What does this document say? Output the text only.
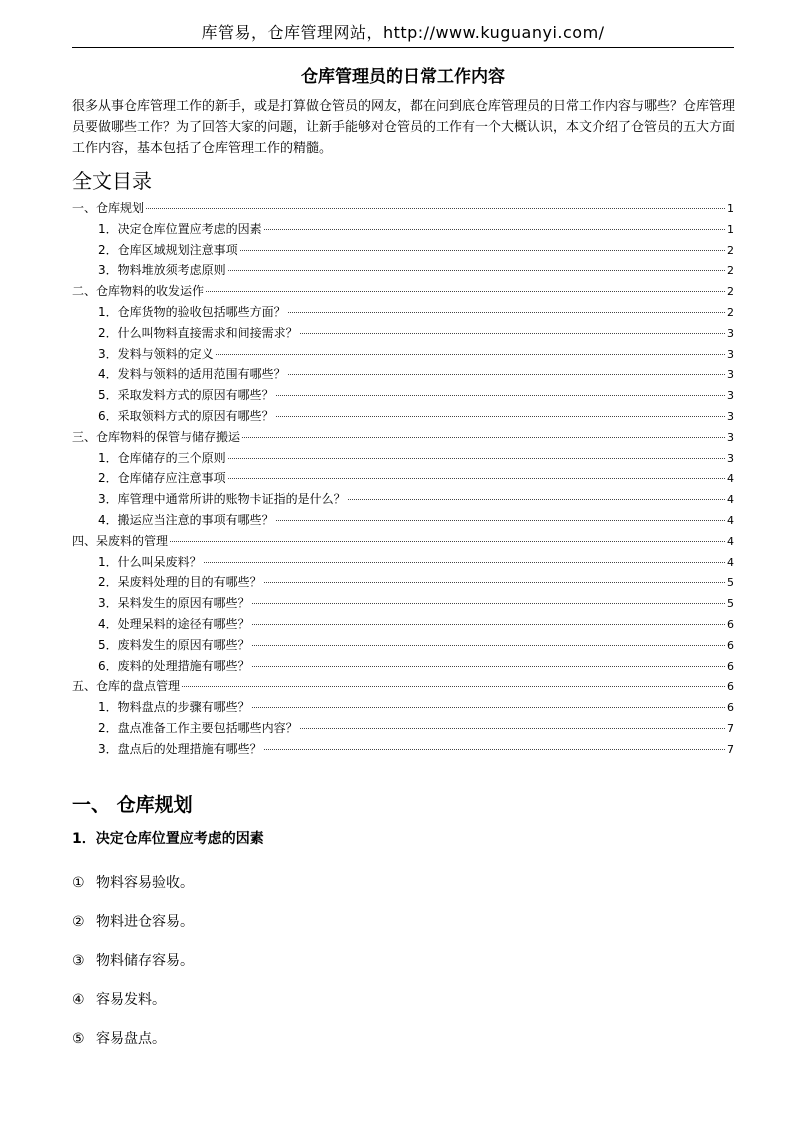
库管易，仓库管理网站，http://www.kuguanyi.com/
仓库管理员的日常工作内容
很多从事仓库管理工作的新手，或是打算做仓管员的网友，都在问到底仓库管理员的日常工作内容与哪些？仓库管理员要做哪些工作？为了回答大家的问题，让新手能够对仓管员的工作有一个大概认识，本文介绍了仓管员的五大方面工作内容，基本包括了仓库管理工作的精髓。
全文目录
一、仓库规划	1
1．决定仓库位置应考虑的因素	1
2．仓库区域规划注意事项	2
3．物料堆放须考虑原则	2
二、仓库物料的收发运作	2
1．仓库货物的验收包括哪些方面？	2
2．什么叫物料直接需求和间接需求？	3
3．发料与领料的定义	3
4．发料与领料的适用范围有哪些？	3
5．采取发料方式的原因有哪些？	3
6．采取领料方式的原因有哪些？	3
三、仓库物料的保管与储存搬运	3
1．仓库储存的三个原则	3
2．仓库储存应注意事项	4
3．库管理中通常所讲的账物卡证指的是什么？	4
4．搬运应当注意的事项有哪些？	4
四、呆废料的管理	4
1．什么叫呆废料？	4
2．呆废料处理的目的有哪些？	5
3．呆料发生的原因有哪些？	5
4．处理呆料的途径有哪些？	6
5．废料发生的原因有哪些？	6
6．废料的处理措施有哪些？	6
五、仓库的盘点管理	6
1．物料盘点的步骤有哪些？	6
2．盘点准备工作主要包括哪些内容？	7
3．盘点后的处理措施有哪些？	7
一、 仓库规划
1．决定仓库位置应考虑的因素
① 物料容易验收。
② 物料进仓容易。
③ 物料储存容易。
④ 容易发料。
⑤ 容易盘点。
